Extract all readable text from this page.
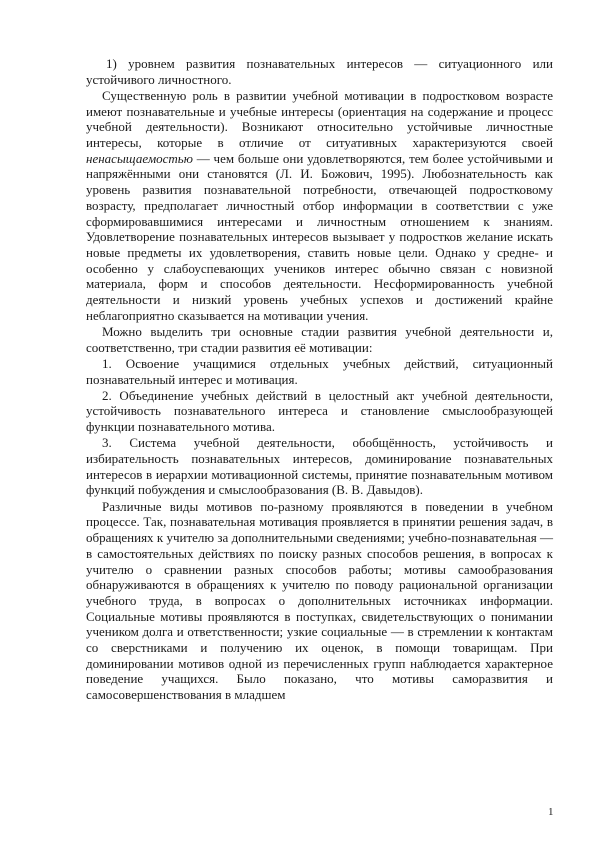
1) уровнем развития познавательных интересов — ситуационного или устойчивого личностного.

Существенную роль в развитии учебной мотивации в подростковом возрасте имеют познавательные и учебные интересы (ориентация на содержание и процесс учебной деятельности). Возникают относительно устойчивые личностные интересы, которые в отличие от ситуативных характеризуются своей ненасыщаемостью — чем больше они удовлетворяются, тем более устойчивыми и напряжёнными они становятся (Л. И. Божович, 1995). Любознательность как уровень развития познавательной потребности, отвечающей подростковому возрасту, предполагает личностный отбор информации в соответствии с уже сформировавшимися интересами и личностным отношением к знаниям. Удовлетворение познавательных интересов вызывает у подростков желание искать новые предметы их удовлетворения, ставить новые цели. Однако у средне- и особенно у слабоуспевающих учеников интерес обычно связан с новизной материала, форм и способов деятельности. Несформированность учебной деятельности и низкий уровень учебных успехов и достижений крайне неблагоприятно сказывается на мотивации учения.

Можно выделить три основные стадии развития учебной деятельности и, соответственно, три стадии развития её мотивации:

1. Освоение учащимися отдельных учебных действий, ситуационный познавательный интерес и мотивация.

2. Объединение учебных действий в целостный акт учебной деятельности, устойчивость познавательного интереса и становление смыслообразующей функции познавательного мотива.

3. Система учебной деятельности, обобщённость, устойчивость и избирательность познавательных интересов, доминирование познавательных интересов в иерархии мотивационной системы, принятие познавательным мотивом функций побуждения и смыслообразования (В. В. Давыдов).

Различные виды мотивов по-разному проявляются в поведении в учебном процессе. Так, познавательная мотивация проявляется в принятии решения задач, в обращениях к учителю за дополнительными сведениями; учебно-познавательная — в самостоятельных действиях по поиску разных способов решения, в вопросах к учителю о сравнении разных способов работы; мотивы самообразования обнаруживаются в обращениях к учителю по поводу рациональной организации учебного труда, в вопросах о дополнительных источниках информации. Социальные мотивы проявляются в поступках, свидетельствующих о понимании учеником долга и ответственности; узкие социальные — в стремлении к контактам со сверстниками и получению их оценок, в помощи товарищам. При доминировании мотивов одной из перечисленных групп наблюдается характерное поведение учащихся. Было показано, что мотивы саморазвития и самосовершенствования в младшем

1
